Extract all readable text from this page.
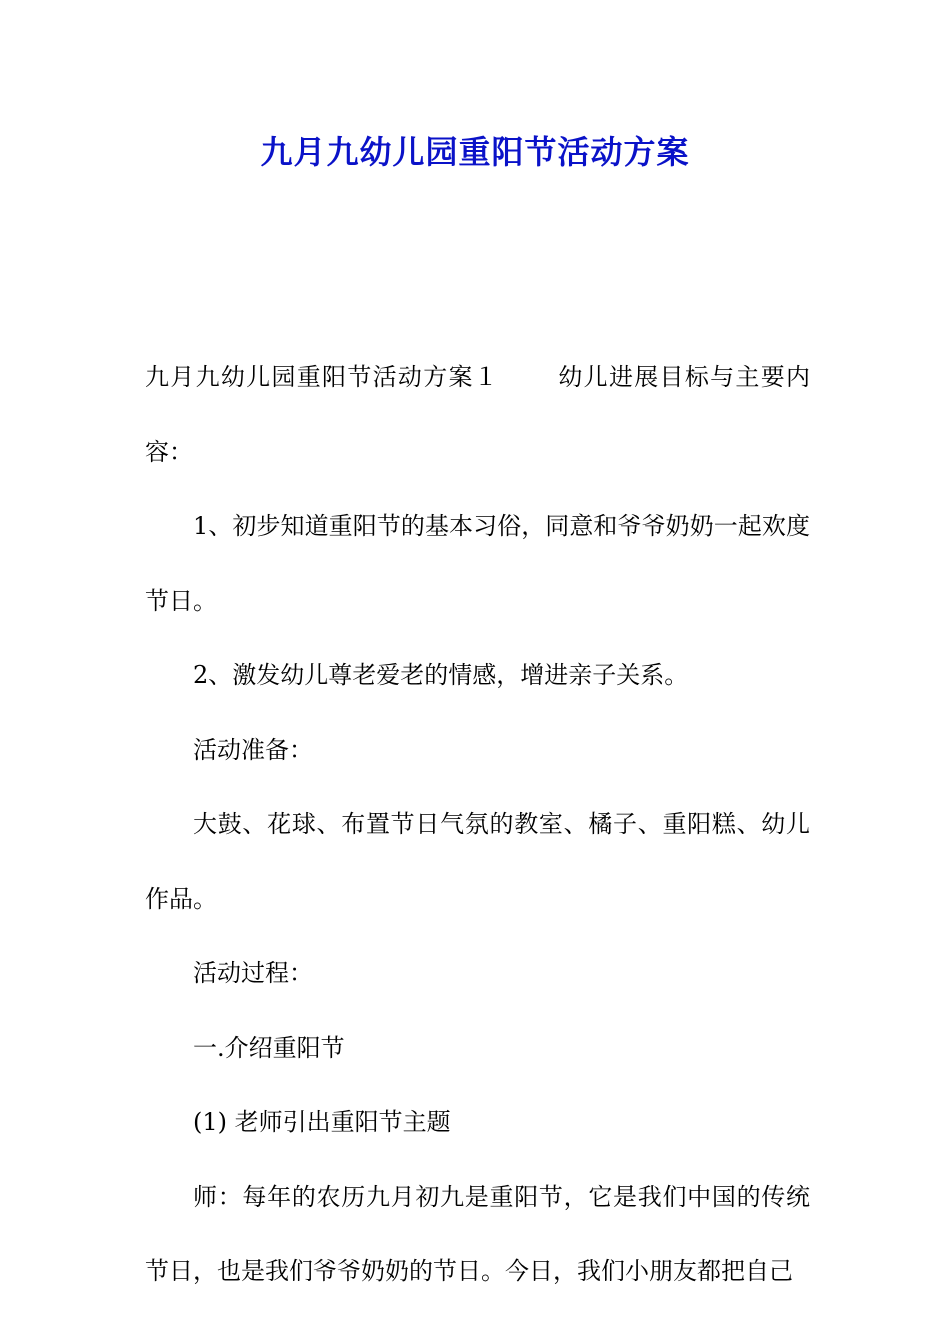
九月九幼儿园重阳节活动方案

九月九幼儿园重阳节活动方案１ 幼儿进展目标与主要内容：

1、初步知道重阳节的基本习俗，同意和爷爷奶奶一起欢度节日。

2、激发幼儿尊老爱老的情感，增进亲子关系。

活动准备：

大鼓、花球、布置节日气氛的教室、橘子、重阳糕、幼儿作品。

活动过程：

一.介绍重阳节

(1) 老师引出重阳节主题

师：每年的农历九月初九是重阳节，它是我们中国的传统节日，也是我们爷爷奶奶的节日。今日，我们小朋友都把自己
